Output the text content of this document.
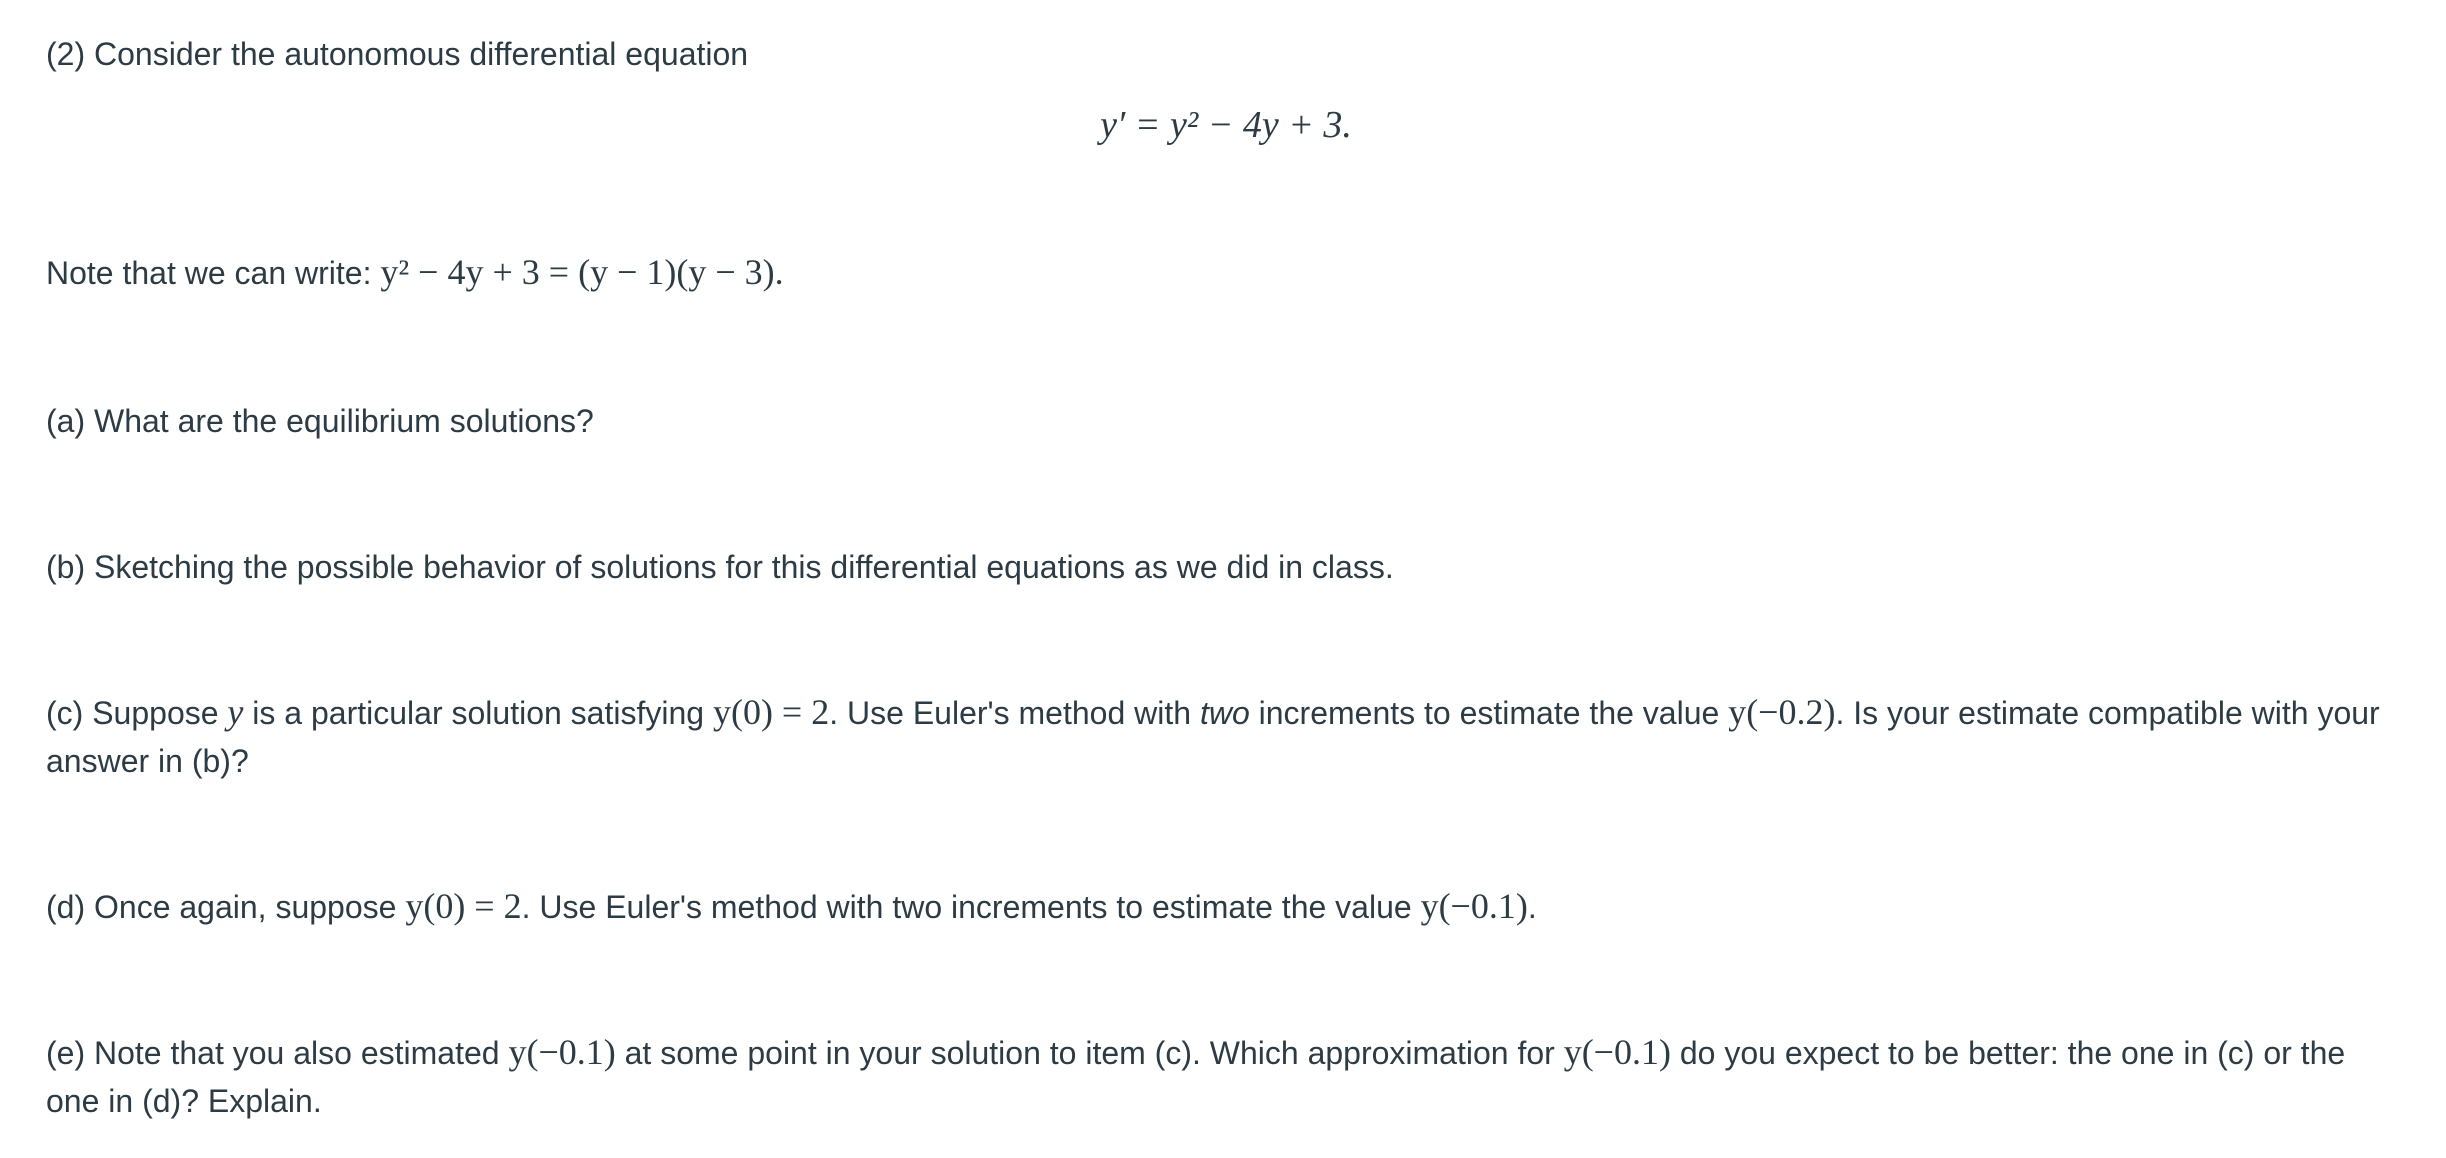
(2) Consider the autonomous differential equation

y′ = y² − 4y + 3.

Note that we can write: y² − 4y + 3 = (y − 1)(y − 3).

(a) What are the equilibrium solutions?

(b) Sketching the possible behavior of solutions for this differential equations as we did in class.

(c) Suppose y is a particular solution satisfying y(0) = 2. Use Euler's method with two increments to estimate the value y(−0.2). Is your estimate compatible with your answer in (b)?

(d) Once again, suppose y(0) = 2. Use Euler's method with two increments to estimate the value y(−0.1).

(e) Note that you also estimated y(−0.1) at some point in your solution to item (c). Which approximation for y(−0.1) do you expect to be better: the one in (c) or the one in (d)? Explain.
